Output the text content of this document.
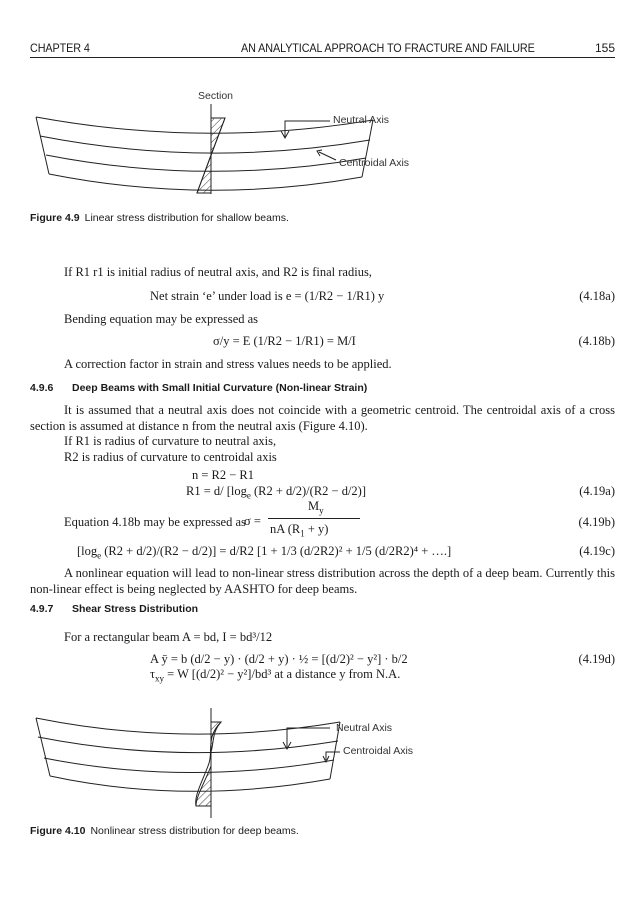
CHAPTER 4	AN ANALYTICAL APPROACH TO FRACTURE AND FAILURE	155
Section
Neutral Axis
Centroidal Axis
Figure 4.9 Linear stress distribution for shallow beams.
If R1 r1 is initial radius of neutral axis, and R2 is final radius,
Net strain ‘e’ under load is e = (1/R2 − 1/R1) y	(4.18a)
Bending equation may be expressed as
σ/y = E (1/R2 − 1/R1) = M/I	(4.18b)
A correction factor in strain and stress values needs to be applied.
4.9.6 Deep Beams with Small Initial Curvature (Non-linear Strain)

It is assumed that a neutral axis does not coincide with a geometric centroid. The centroidal axis of a cross section is assumed at distance n from the neutral axis (Figure 4.10).

If R1 is radius of curvature to neutral axis,
R2 is radius of curvature to centroidal axis
n = R2 − R1
R1 = d/ [$\log_e$ (R2 + d/2)/(R2 − d/2)]	(4.19a)
Equation 4.18b may be expressed as
σ =
$M_y$
nA $(R_1 + y)$	(4.19b)
[$\log_e$ (R2 + d/2)/(R2 − d/2)] = d/R2 [1 + 1/3 (d/2R2)² + 1/5 (d/2R2)⁴ + ….]	(4.19c)

A nonlinear equation will lead to non-linear stress distribution across the depth of a deep beam. Currently this non-linear effect is being neglected by AASHTO for deep beams.

4.9.7 Shear Stress Distribution
For a rectangular beam A = bd, I = bd³/12
A ȳ = b (d/2 − y) · (d/2 + y) · ½ = [(d/2)² − y²] · b/2	(4.19d)
$\tau_{xy} = W$ [(d/2)² − y²]/bd³ at a distance y from N.A.
Neutral Axis
Centroidal Axis
Figure 4.10 Nonlinear stress distribution for deep beams.
